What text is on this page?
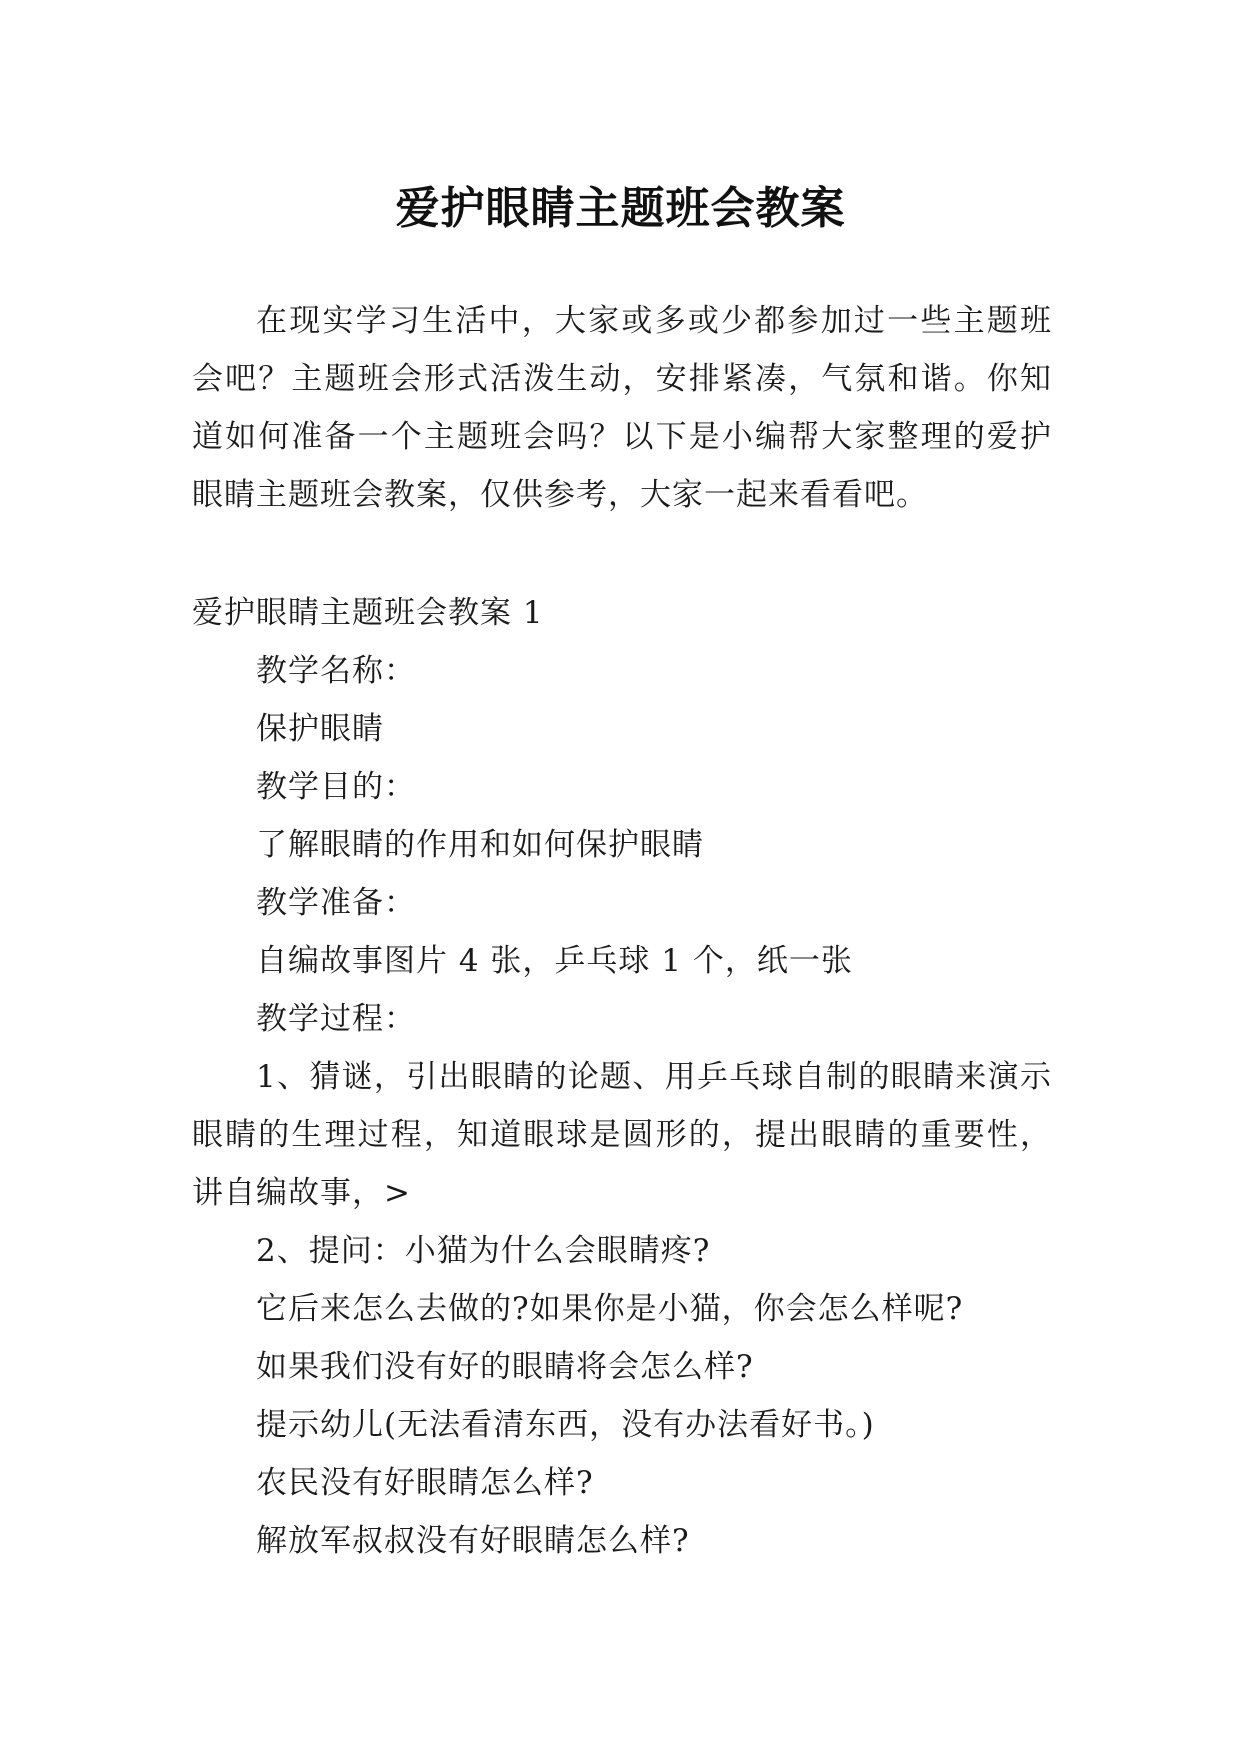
爱护眼睛主题班会教案

在现实学习生活中，大家或多或少都参加过一些主题班会吧？主题班会形式活泼生动，安排紧凑，气氛和谐。你知道如何准备一个主题班会吗？以下是小编帮大家整理的爱护眼睛主题班会教案，仅供参考，大家一起来看看吧。

爱护眼睛主题班会教案 1

教学名称：

保护眼睛

教学目的：

了解眼睛的作用和如何保护眼睛

教学准备：

自编故事图片 4 张，乒乓球 1 个，纸一张

教学过程：

1、猜谜，引出眼睛的论题、用乒乓球自制的眼睛来演示眼睛的生理过程，知道眼球是圆形的，提出眼睛的重要性，讲自编故事，>

2、提问：小猫为什么会眼睛疼?

它后来怎么去做的?如果你是小猫，你会怎么样呢?

如果我们没有好的眼睛将会怎么样?

提示幼儿(无法看清东西，没有办法看好书。)

农民没有好眼睛怎么样?

解放军叔叔没有好眼睛怎么样?
